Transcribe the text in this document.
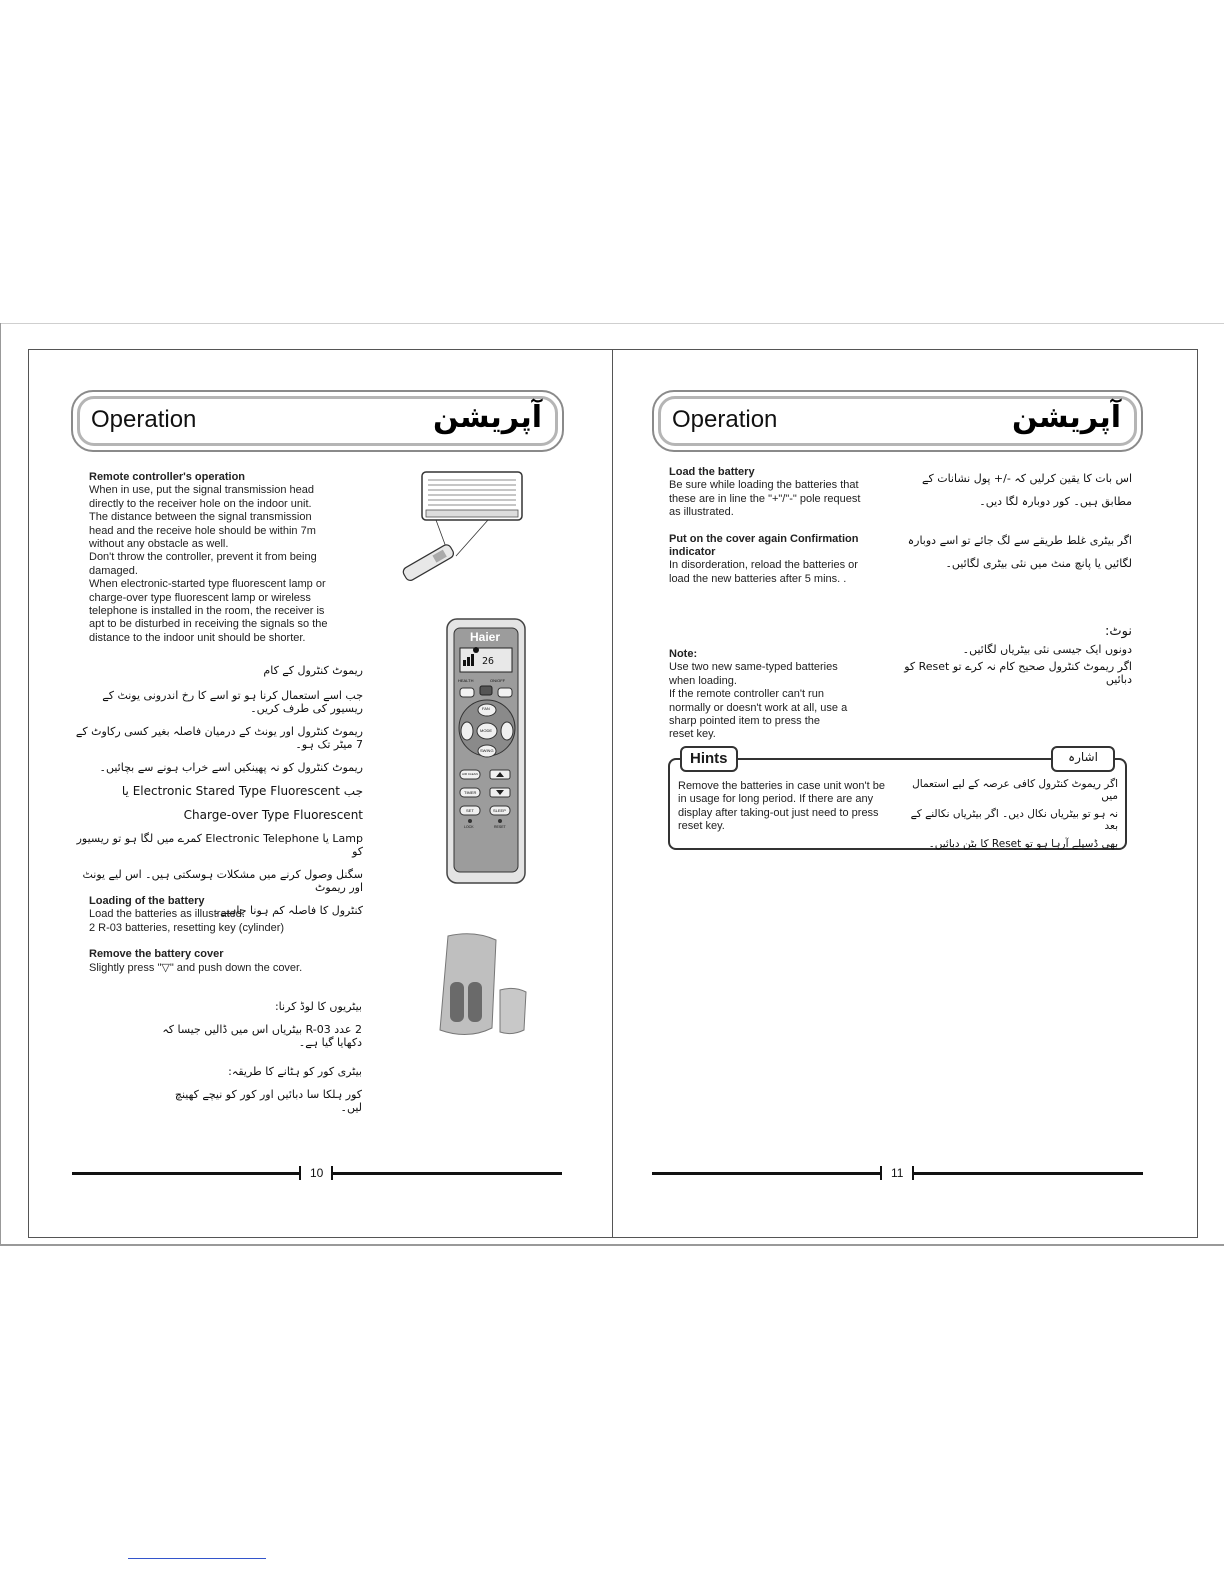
Operation	آپریشن
Remote controller's operation
When in use, put the signal transmission head
directly to the receiver hole on the indoor unit.
The distance between the signal transmission
head and the receive hole should be within 7m
without any obstacle as well.
Don't throw the controller, prevent it from being
damaged.
When electronic-started type fluorescent lamp or
charge-over type fluorescent lamp or wireless
telephone is installed in the room, the receiver is
apt to be disturbed in receiving the signals so the
distance to the indoor unit should be shorter.	Haier
26
HEALTH	ON/OFF
FAN
MODE
SWING
AIR CLEAN
TIMER
SET	SLEEP
LOCK	RESET
ریموٹ کنٹرول کے کام
جب اسے استعمال کرنا ہو تو اسے کا رخ اندرونی یونٹ کے ریسیور کی طرف کریں۔
ریموٹ کنٹرول اور یونٹ کے درمیان فاصلہ بغیر کسی رکاوٹ کے 7 میٹر تک ہو۔
ریموٹ کنٹرول کو نہ پھینکیں اسے خراب ہونے سے بچائیں۔
جب Electronic Stared Type Fluorescent یا
Charge-over Type Fluorescent
Lamp یا Electronic Telephone کمرے میں لگا ہو تو ریسیور کو
سگنل وصول کرنے میں مشکلات ہوسکتی ہیں۔ اس لیے یونٹ اور ریموٹ
کنٹرول کا فاصلہ کم ہونا چاہیے۔
Loading of the battery
Load the batteries as illustrated.
2 R-03 batteries, resetting key (cylinder)
Remove the battery cover
Slightly press "▽" and push down the cover.
بیٹریوں کا لوڈ کرنا:
2 عدد R-03 بیٹریاں اس میں ڈالیں جیسا کہ دکھایا گیا ہے۔
بیٹری کور کو ہٹانے کا طریقہ:
کور ہلکا سا دبائیں اور کور کو نیچے کھینچ لیں۔
10
Operation	آپریشن
Load the battery
Be sure while loading the batteries that
these are in line the "+"/"-" pole request
as illustrated.
Put on the cover again Confirmation indicator
In disorderation, reload the batteries or
load the new batteries after 5 mins. .
Note:
Use two new same-typed batteries
when loading.
If the remote controller can't run
normally or doesn't work at all, use a
sharp pointed item to press the
reset key.
اس بات کا یقین کرلیں کہ -/+ پول نشانات کے
مطابق ہیں۔ کور دوبارہ لگا دیں۔
اگر بیٹری غلط طریقے سے لگ جائے تو اسے دوبارہ
لگائیں یا پانچ منٹ میں نئی بیٹری لگائیں۔
نوٹ:
دونوں ایک جیسی نئی بیٹریاں لگائیں۔
اگر ریموٹ کنٹرول صحیح کام نہ کرے تو Reset کو دبائیں
Hints	اشارہ
Remove the batteries in case unit won't be
in usage for long period. If there are any
display after taking-out just need to press
reset key.
اگر ریموٹ کنٹرول کافی عرصہ کے لیے استعمال میں
نہ ہو تو بیٹریاں نکال دیں۔ اگر بیٹریاں نکالنے کے بعد
بھی ڈسپلے آرہا ہو تو Reset کا بٹن دبائیں۔
11
